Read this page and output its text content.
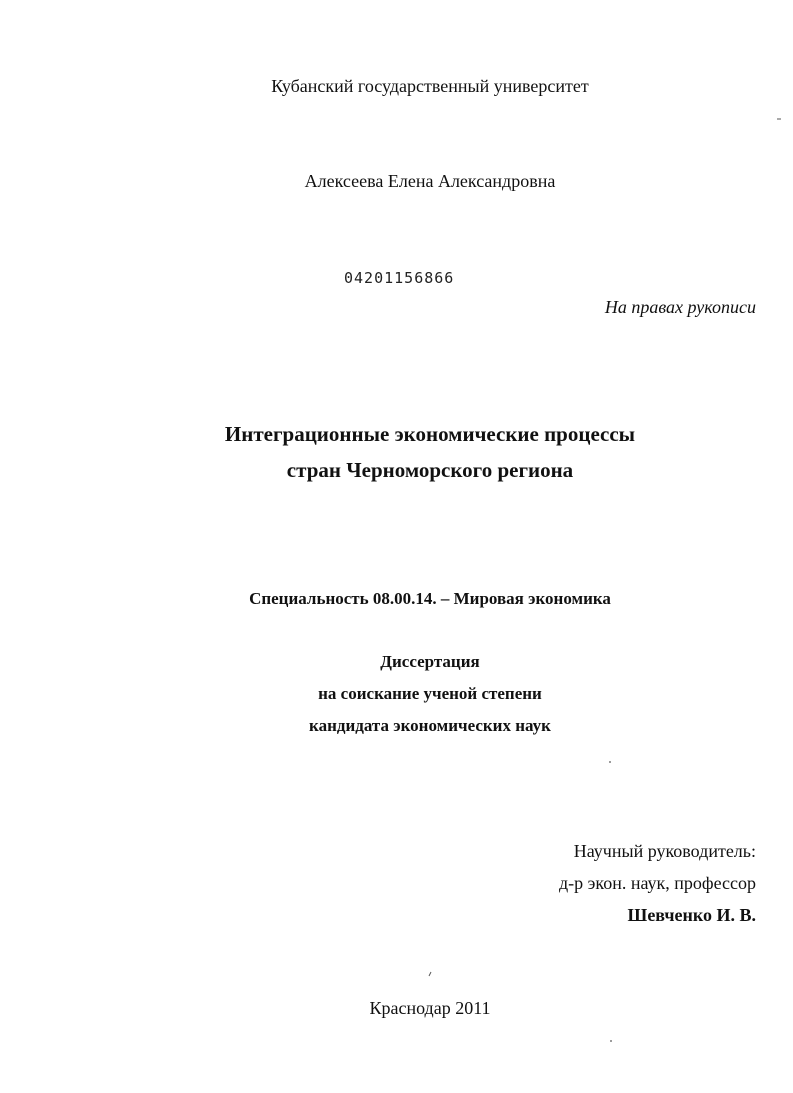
Кубанский государственный университет
Алексеева Елена Александровна
04201156866
На правах рукописи
Интеграционные экономические процессы
стран Черноморского региона
Специальность 08.00.14. – Мировая экономика
Диссертация
на соискание ученой степени
кандидата экономических наук
Научный руководитель:
д-р экон. наук, профессор
Шевченко И. В.
Краснодар 2011
